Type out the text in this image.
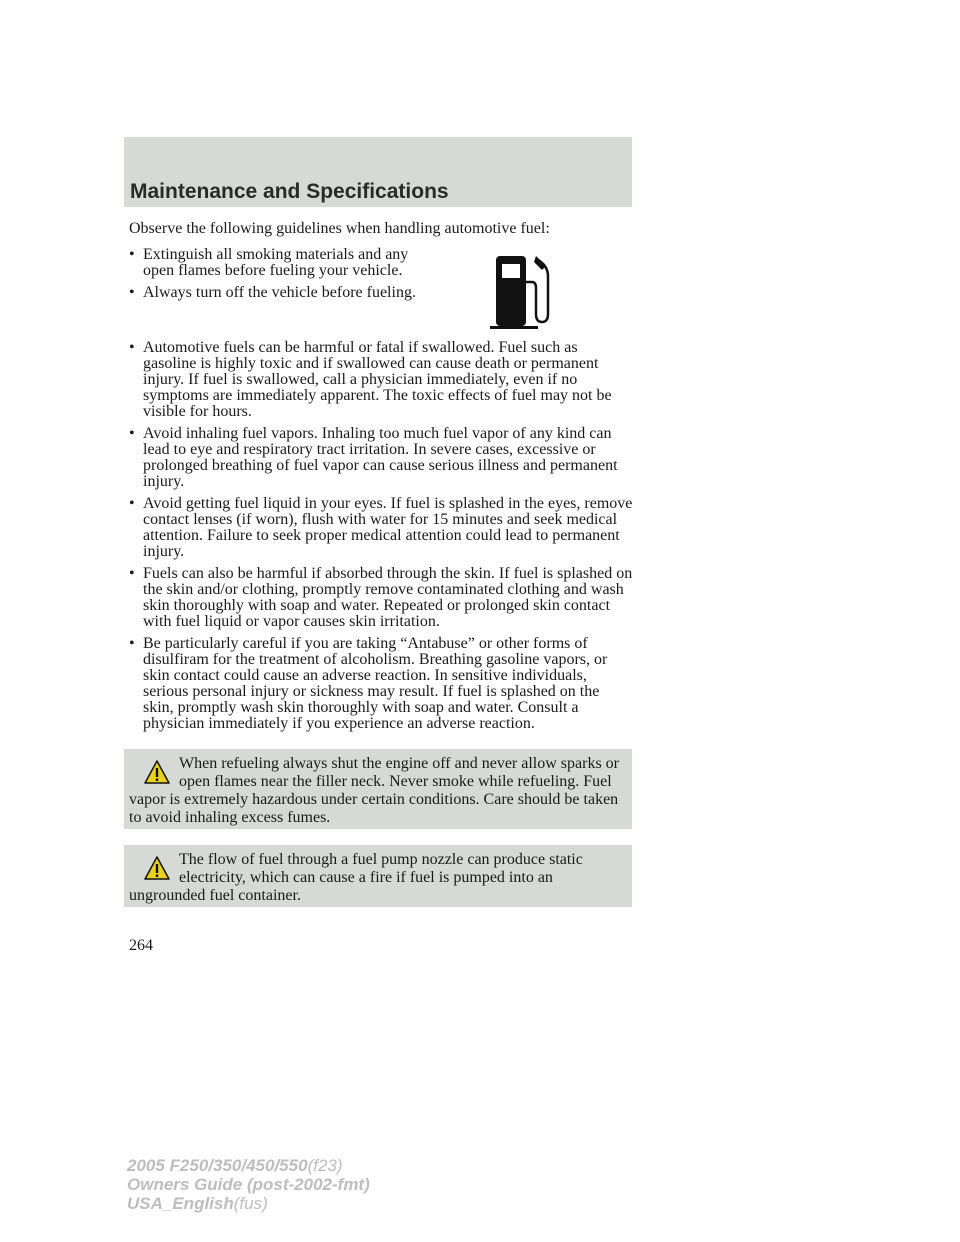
Maintenance and Specifications
Observe the following guidelines when handling automotive fuel:
• Extinguish all smoking materials and any open flames before fueling your vehicle.
• Always turn off the vehicle before fueling.
• Automotive fuels can be harmful or fatal if swallowed. Fuel such as gasoline is highly toxic and if swallowed can cause death or permanent injury. If fuel is swallowed, call a physician immediately, even if no symptoms are immediately apparent. The toxic effects of fuel may not be visible for hours.
• Avoid inhaling fuel vapors. Inhaling too much fuel vapor of any kind can lead to eye and respiratory tract irritation. In severe cases, excessive or prolonged breathing of fuel vapor can cause serious illness and permanent injury.
• Avoid getting fuel liquid in your eyes. If fuel is splashed in the eyes, remove contact lenses (if worn), flush with water for 15 minutes and seek medical attention. Failure to seek proper medical attention could lead to permanent injury.
• Fuels can also be harmful if absorbed through the skin. If fuel is splashed on the skin and/or clothing, promptly remove contaminated clothing and wash skin thoroughly with soap and water. Repeated or prolonged skin contact with fuel liquid or vapor causes skin irritation.
• Be particularly careful if you are taking “Antabuse” or other forms of disulfiram for the treatment of alcoholism. Breathing gasoline vapors, or skin contact could cause an adverse reaction. In sensitive individuals, serious personal injury or sickness may result. If fuel is splashed on the skin, promptly wash skin thoroughly with soap and water. Consult a physician immediately if you experience an adverse reaction.
When refueling always shut the engine off and never allow sparks or open flames near the filler neck. Never smoke while refueling. Fuel vapor is extremely hazardous under certain conditions. Care should be taken to avoid inhaling excess fumes.
The flow of fuel through a fuel pump nozzle can produce static electricity, which can cause a fire if fuel is pumped into an ungrounded fuel container.
264
2005 F250/350/450/550(f23)
Owners Guide (post-2002-fmt)
USA_English(fus)
